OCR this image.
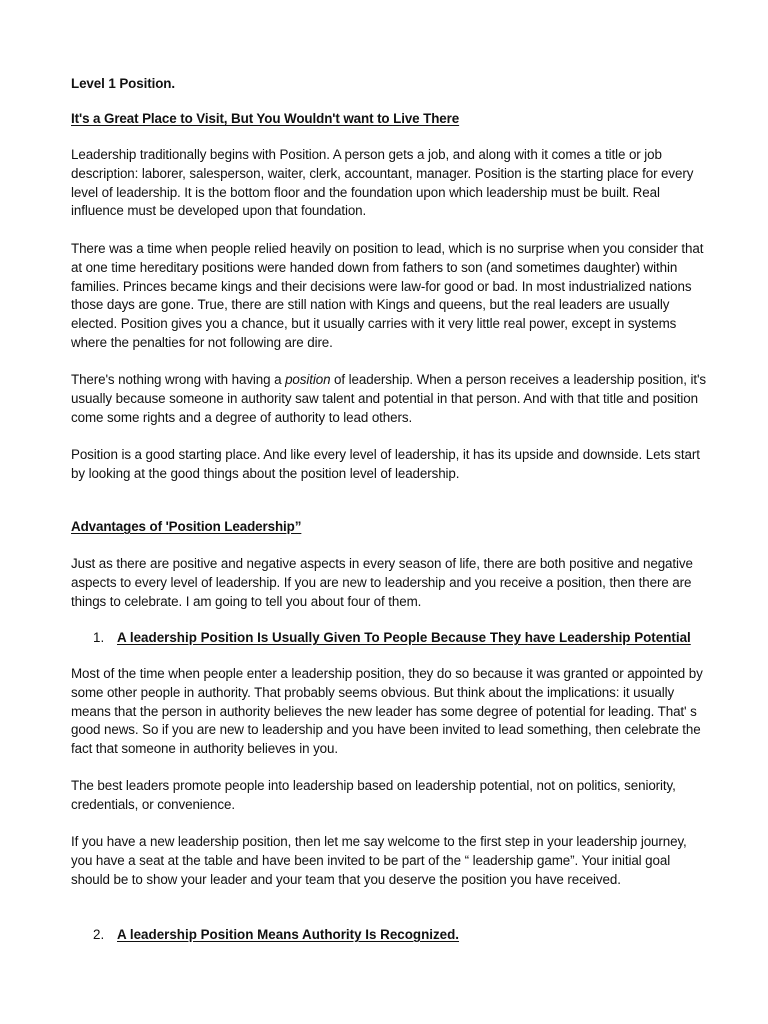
Level 1 Position.
It's a Great Place to Visit, But You Wouldn't want to Live There
Leadership traditionally begins with Position. A person gets a job, and along with it comes a title or job description: laborer, salesperson, waiter, clerk, accountant, manager. Position is the starting place for every level of leadership. It is the bottom floor and the foundation upon which leadership must be built. Real influence must be developed upon that foundation.
There was a time when people relied heavily on position to lead, which is no surprise when you consider that at one time hereditary positions were handed down from fathers to son (and sometimes daughter) within families. Princes became kings and their decisions were law-for good or bad. In most industrialized nations those days are gone. True, there are still nation with Kings and queens, but the real leaders are usually elected. Position gives you a chance, but it usually carries with it very little real power, except in systems where the penalties for not following are dire.
There's nothing wrong with having a position of leadership. When a person receives a leadership position, it's usually because someone in authority saw talent and potential in that person. And with that title and position come some rights and a degree of authority to lead others.
Position is a good starting place. And like every level of leadership, it has its upside and downside. Lets start by looking at the good things about the position level of leadership.
Advantages of 'Position Leadership”
Just as there are positive and negative aspects in every season of life, there are both positive and negative aspects to every level of leadership. If you are new to leadership and you receive a position, then there are things to celebrate. I am going to tell you about four of them.
1. A leadership Position Is Usually Given To People Because They have Leadership Potential
Most of the time when people enter a leadership position, they do so because it was granted or appointed by some other people in authority. That probably seems obvious. But think about the implications: it usually means that the person in authority believes the new leader has some degree of potential for leading. That' s good news. So if you are new to leadership and you have been invited to lead something, then celebrate the fact that someone in authority believes in you.
The best leaders promote people into leadership based on leadership potential, not on politics, seniority, credentials, or convenience.
If you have a new leadership position, then let me say welcome to the first step in your leadership journey, you have a seat at the table and have been invited to be part of the “ leadership game”. Your initial goal should be to show your leader and your team that you deserve the position you have received.
2. A leadership Position Means Authority Is Recognized.
